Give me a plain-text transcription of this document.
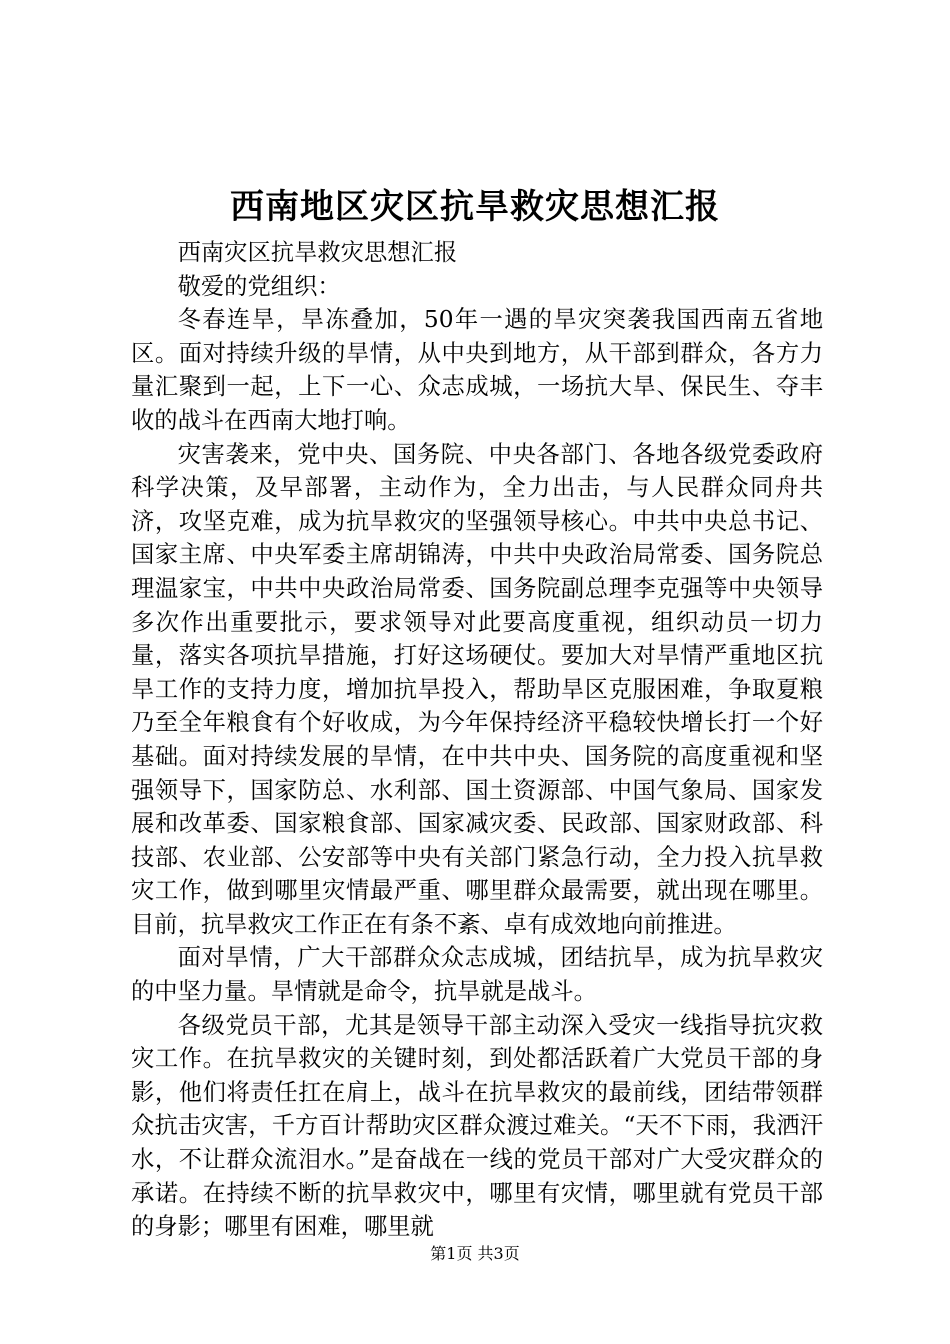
西南地区灾区抗旱救灾思想汇报

西南灾区抗旱救灾思想汇报

敬爱的党组织：

冬春连旱，旱冻叠加，50年一遇的旱灾突袭我国西南五省地区。面对持续升级的旱情，从中央到地方，从干部到群众，各方力量汇聚到一起，上下一心、众志成城，一场抗大旱、保民生、夺丰收的战斗在西南大地打响。

灾害袭来，党中央、国务院、中央各部门、各地各级党委政府科学决策，及早部署，主动作为，全力出击，与人民群众同舟共济，攻坚克难，成为抗旱救灾的坚强领导核心。中共中央总书记、国家主席、中央军委主席胡锦涛，中共中央政治局常委、国务院总理温家宝，中共中央政治局常委、国务院副总理李克强等中央领导多次作出重要批示，要求领导对此要高度重视，组织动员一切力量，落实各项抗旱措施，打好这场硬仗。要加大对旱情严重地区抗旱工作的支持力度，增加抗旱投入，帮助旱区克服困难，争取夏粮乃至全年粮食有个好收成，为今年保持经济平稳较快增长打一个好基础。面对持续发展的旱情，在中共中央、国务院的高度重视和坚强领导下，国家防总、水利部、国土资源部、中国气象局、国家发展和改革委、国家粮食部、国家减灾委、民政部、国家财政部、科技部、农业部、公安部等中央有关部门紧急行动，全力投入抗旱救灾工作，做到哪里灾情最严重、哪里群众最需要，就出现在哪里。目前，抗旱救灾工作正在有条不紊、卓有成效地向前推进。

面对旱情，广大干部群众众志成城，团结抗旱，成为抗旱救灾的中坚力量。旱情就是命令，抗旱就是战斗。

各级党员干部，尤其是领导干部主动深入受灾一线指导抗灾救灾工作。在抗旱救灾的关键时刻，到处都活跃着广大党员干部的身影，他们将责任扛在肩上，战斗在抗旱救灾的最前线，团结带领群众抗击灾害，千方百计帮助灾区群众渡过难关。“天不下雨，我洒汗水，不让群众流泪水。”是奋战在一线的党员干部对广大受灾群众的承诺。在持续不断的抗旱救灾中，哪里有灾情，哪里就有党员干部的身影；哪里有困难，哪里就

第1页 共3页
